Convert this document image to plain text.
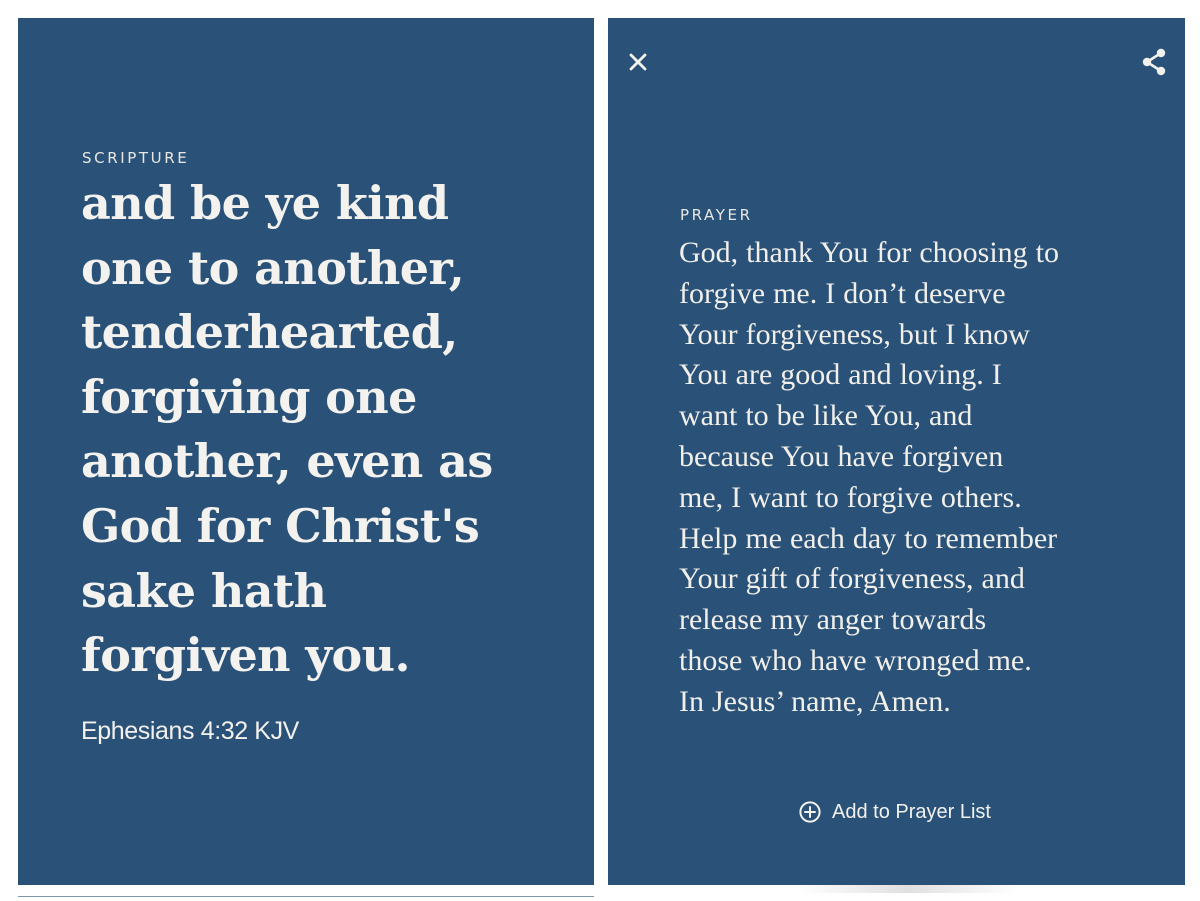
SCRIPTURE
and be ye kind
one to another,
tenderhearted,
forgiving one
another, even as
God for Christ's
sake hath
forgiven you.
Ephesians 4:32 KJV
PRAYER
God, thank You for choosing to
forgive me. I don’t deserve
Your forgiveness, but I know
You are good and loving. I
want to be like You, and
because You have forgiven
me, I want to forgive others.
Help me each day to remember
Your gift of forgiveness, and
release my anger towards
those who have wronged me.
In Jesus’ name, Amen.
Add to Prayer List
